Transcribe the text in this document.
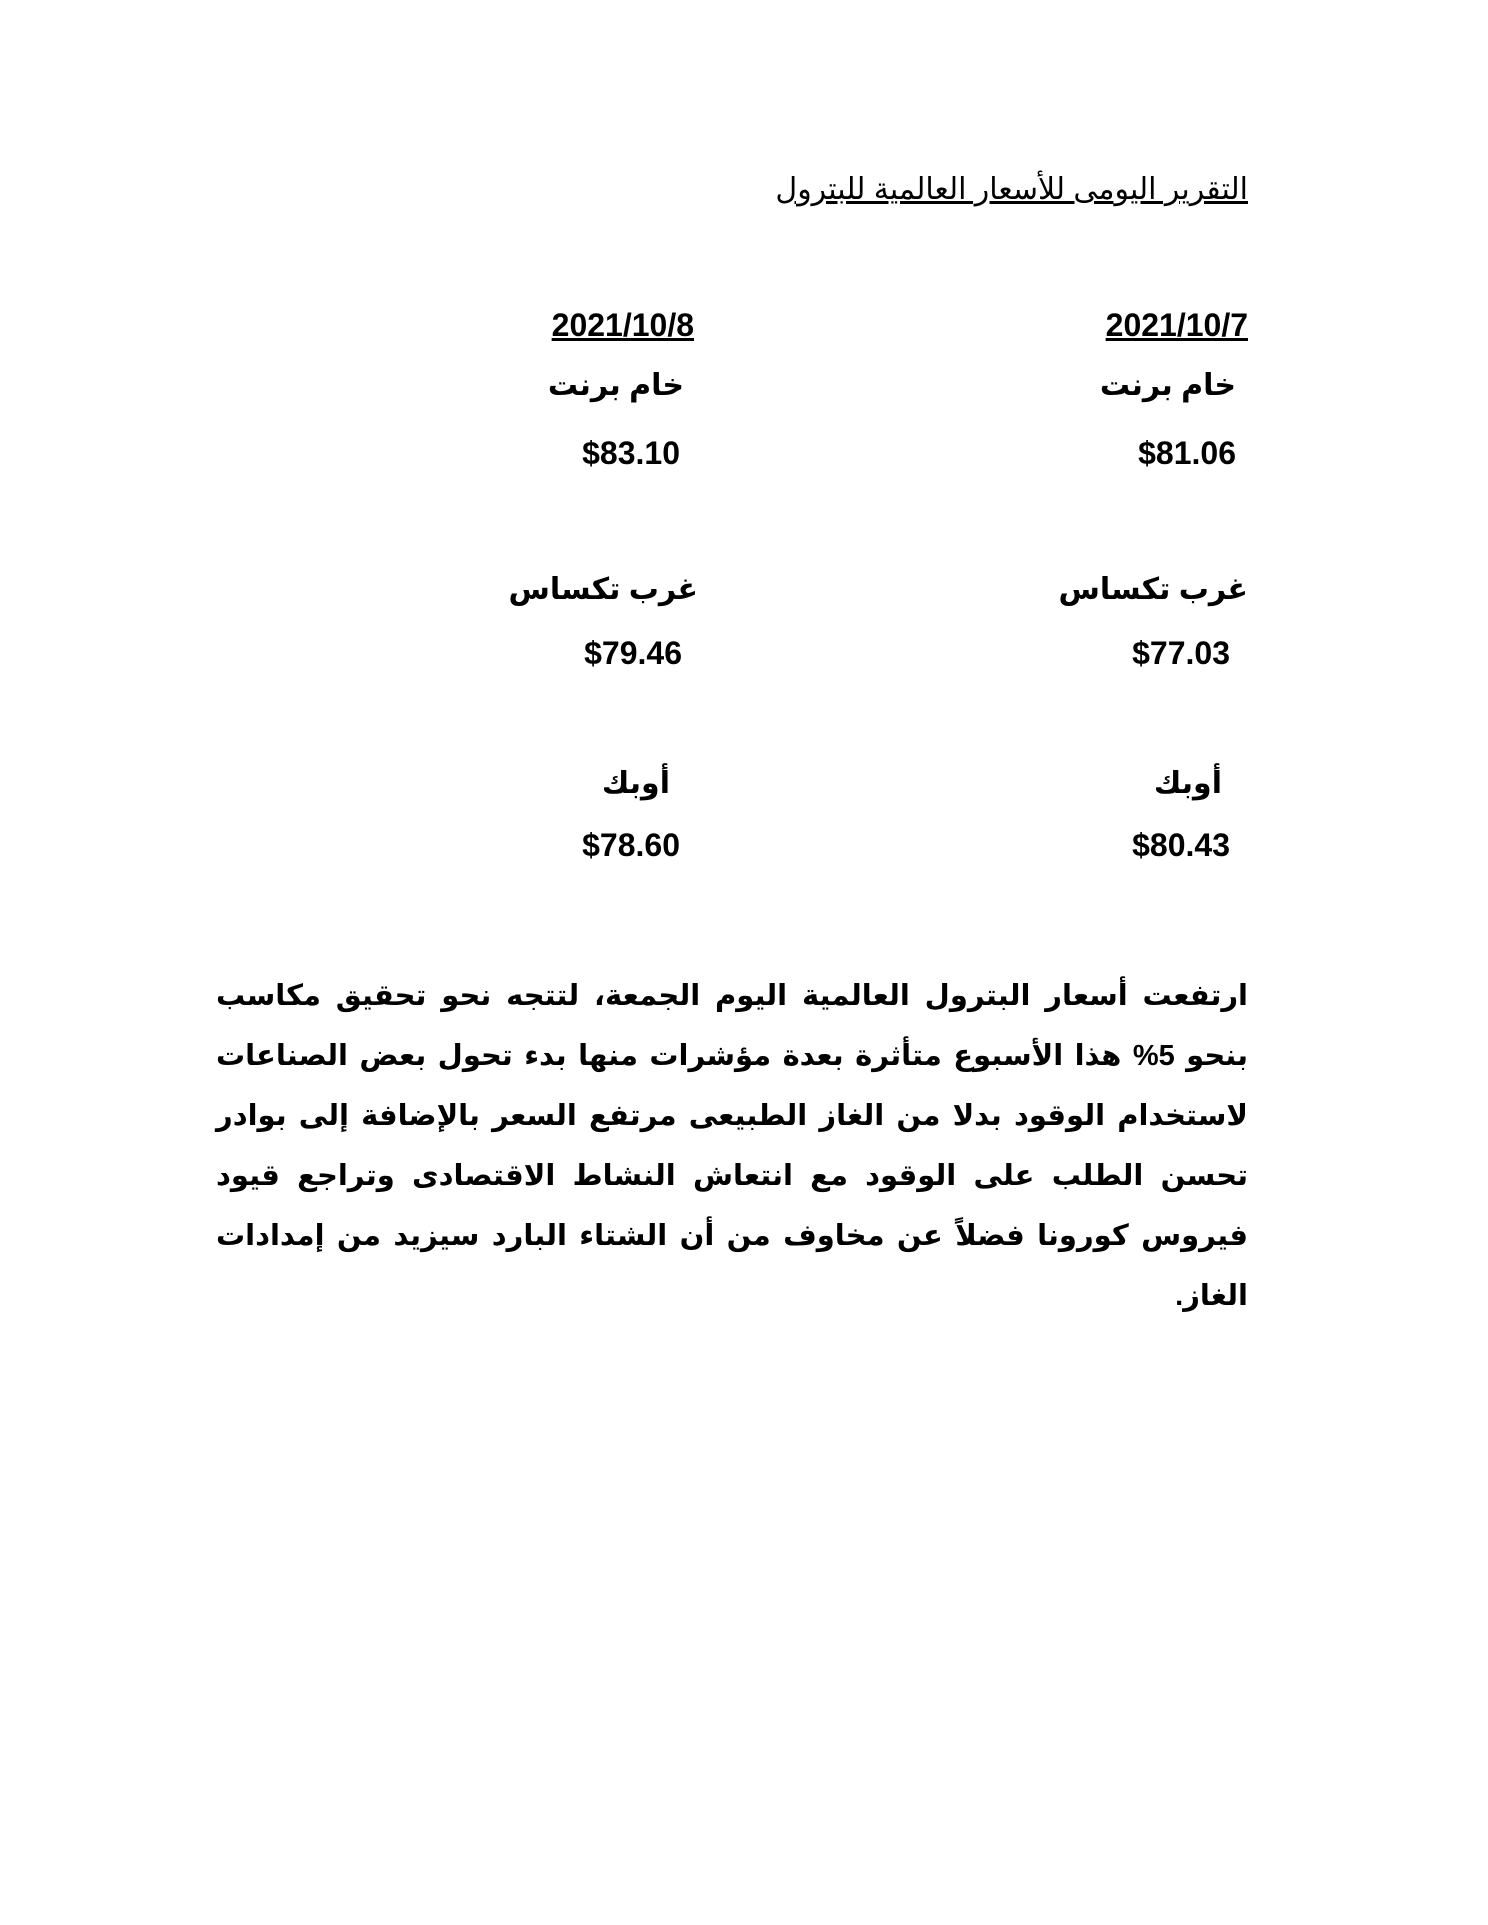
التقرير اليومى للأسعار العالمية للبترول
2021/10/7
خام برنت
$81.06
غرب تكساس
$77.03
أوبك
$80.43
2021/10/8
خام برنت
$83.10
غرب تكساس
$79.46
أوبك
$78.60
ارتفعت أسعار البترول العالمية اليوم الجمعة، لتتجه نحو تحقيق مكاسب بنحو 5% هذا الأسبوع متأثرة بعدة مؤشرات منها بدء تحول بعض الصناعات لاستخدام الوقود بدلا من الغاز الطبيعى مرتفع السعر بالإضافة إلى بوادر تحسن الطلب على الوقود مع انتعاش النشاط الاقتصادى وتراجع قيود فيروس كورونا فضلاً عن مخاوف من أن الشتاء البارد سيزيد من إمدادات الغاز.
